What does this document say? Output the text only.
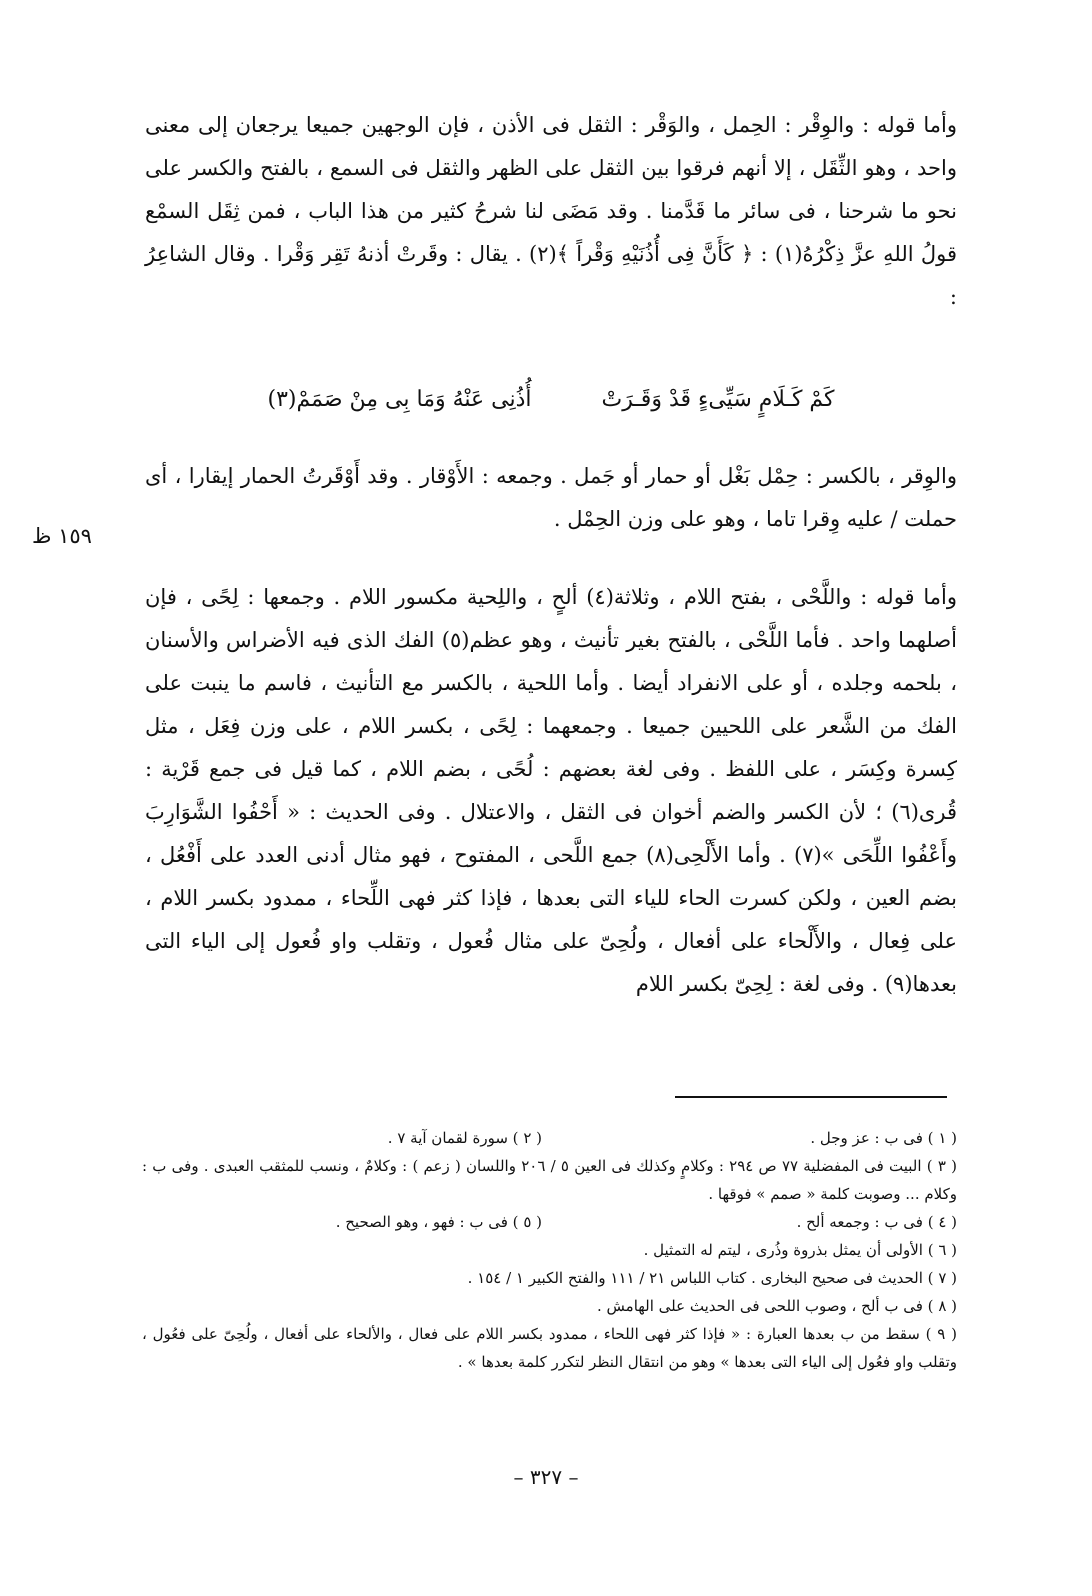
وأما قوله : والوِقْر : الحِمل ، والوَقْر : الثقل فى الأذن ، فإن الوجهين جميعا يرجعان إلى معنى واحد ، وهو الثِّقَل ، إلا أنهم فرقوا بين الثقل على الظهر والثقل فى السمع ، بالفتح والكسر على نحو ما شرحنا ، فى سائر ما قَدَّمنا . وقد مَضَى لنا شرحُ كثير من هذا الباب ، فمن ثِقَل السمْع قولُ اللهِ عزَّ ذِكْرُهُ(١) : ﴿ كَأَنَّ فِى أُذُنَيْهِ وَقْراً ﴾(٢) . يقال : وقَرتْ أذنهُ تَقِر وَقْرا . وقال الشاعِرُ :

كَمْ كَـلَامٍ سَيِّىءٍ قَدْ وَقَـرَتْ
أُذُنِى عَنْهُ وَمَا بِى مِنْ صَمَمْ(٣)

والوِقر ، بالكسر : حِمْل بَغْل أو حمار أو جَمل . وجمعه : الأَوْقار . وقد أَوْقَرتُ الحمار إيقارا ، أى حملت / عليه وِقرا تاما ، وهو على وزن الحِمْل .

١٥٩ ظ

وأما قوله : واللَّحْى ، بفتح اللام ، وثلاثة(٤) ألحٍ ، واللِحية مكسور اللام . وجمعها : لِحًى ، فإن أصلهما واحد . فأما اللَّحْى ، بالفتح بغير تأنيث ، وهو عظم(٥) الفك الذى فيه الأضراس والأسنان ، بلحمه وجلده ، أو على الانفراد أيضا . وأما اللحية ، بالكسر مع التأنيث ، فاسم ما ينبت على الفك من الشَّعر على اللحيين جميعا . وجمعهما : لِحًى ، بكسر اللام ، على وزن فِعَل ، مثل كِسرة وكِسَر ، على اللفظ . وفى لغة بعضهم : لُحًى ، بضم اللام ، كما قيل فى جمع قَرْية : قُرى(٦) ؛ لأن الكسر والضم أخوان فى الثقل ، والاعتلال . وفى الحديث : « أَحْفُوا الشَّوَارِبَ وأَعْفُوا اللِّحَى »(٧) . وأما الأَلْحِى(٨) جمع اللَّحى ، المفتوح ، فهو مثال أدنى العدد على أَفْعُل ، بضم العين ، ولكن كسرت الحاء للياء التى بعدها ، فإذا كثر فهى اللِّحاء ، ممدود بكسر اللام ، على فِعال ، والأَلْحاء على أفعال ، ولُحِىّ على مثال فُعول ، وتقلب واو فُعول إلى الياء التى بعدها(٩) . وفى لغة : لِحِىّ بكسر اللام

( ١ ) فى ب : عز وجل .
( ٢ ) سورة لقمان آية ٧ .

( ٣ ) البيت فى المفضلية ٧٧ ص ٢٩٤ : وكلامٍ وكذلك فى العين ٥ / ٢٠٦ واللسان ( زعم ) : وكلامٌ ، ونسب للمثقب العبدى . وفى ب : وكلام ... وصوبت كلمة « صمم » فوقها .

( ٤ ) فى ب : وجمعه ألح .
( ٥ ) فى ب : فهو ، وهو الصحيح .

( ٦ ) الأولى أن يمثل بذروة وذُرى ، ليتم له التمثيل .

( ٧ ) الحديث فى صحيح البخارى . كتاب اللباس ٢١ / ١١١ والفتح الكبير ١ / ١٥٤ .

( ٨ ) فى ب ألح ، وصوب اللحى فى الحديث على الهامش .

( ٩ ) سقط من ب بعدها العبارة : « فإذا كثر فهى اللحاء ، ممدود بكسر اللام على فعال ، والألحاء على أفعال ، ولُحِىّ على فعُول ، وتقلب واو فعُول إلى الياء التى بعدها » وهو من انتقال النظر لتكرر كلمة بعدها » .

– ٣٢٧ –
